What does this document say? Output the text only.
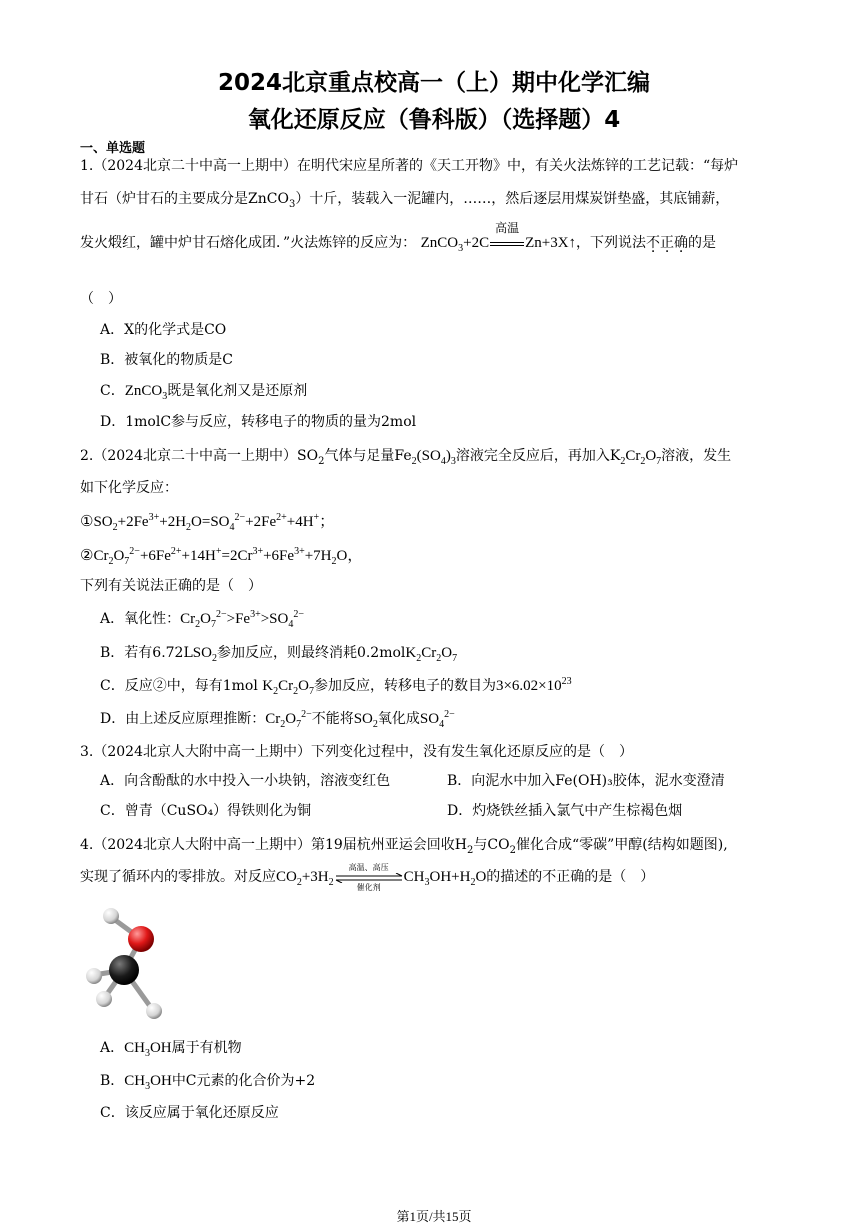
2024北京重点校高一（上）期中化学汇编
氧化还原反应（鲁科版）（选择题）4
一、单选题
1.（2024北京二十中高一上期中）在明代宋应星所著的《天工开物》中，有关火法炼锌的工艺记载：“每炉
甘石（炉甘石的主要成分是ZnCO$_3$）十斤，装载入一泥罐内，……，然后逐层用煤炭饼垫盛，其底铺薪，
发火煅红，罐中炉甘石熔化成团．”火法炼锌的反应为： ZnCO$_3$+2C
高温
Zn+3X↑，下列说法不正确的是
（　）
A．X的化学式是CO
B．被氧化的物质是C
C．ZnCO$_3$既是氧化剂又是还原剂
D．1molC参与反应，转移电子的物质的量为2mol
2.（2024北京二十中高一上期中）$SO_2$气体与足量$Fe_2(SO_4)_3$溶液完全反应后，再加入$K_2Cr_2O_7$溶液，发生
如下化学反应：
$①SO_2+2Fe^{3+}+2H_2O=SO_4^{2-}+2Fe^{2+}+4H^+$；
$②Cr_2O_7^{2-}+6Fe^{2+}+14H^+=2Cr^{3+}+6Fe^{3+}+7H_2O$，
下列有关说法正确的是（　）
A．氧化性：$Cr_2O_7^{2-}>Fe^{3+}>SO_4^{2-}$
B．若有$6.72LSO_2$参加反应，则最终消耗$0.2molK_2Cr_2O_7$
C．反应②中，每有1mol $K_2Cr_2O_7$参加反应，转移电子的数目为$3\times 6.02\times 10^{23}$
D．由上述反应原理推断：$Cr_2O_7^{2-}$不能将$SO_2$氧化成$SO_4^{2-}$
3.（2024北京人大附中高一上期中）下列变化过程中，没有发生氧化还原反应的是（　）
A．向含酚酞的水中投入一小块钠，溶液变红色	B．向泥水中加入Fe(OH)₃胶体，泥水变澄清
C．曾青（CuSO₄）得铁则化为铜	D．灼烧铁丝插入氯气中产生棕褐色烟
4.（2024北京人大附中高一上期中）第19届杭州亚运会回收$H_2$与$CO_2$催化合成“零碳”甲醇(结构如题图),
实现了循环内的零排放。对反应$CO_2+3H_2$
高温、高压
催化剂
$CH_3OH+H_2O$的描述的不正确的是（　）
A．$CH_3OH$属于有机物
B．$CH_3OH$中C元素的化合价为+2
C．该反应属于氧化还原反应
第1页/共15页
